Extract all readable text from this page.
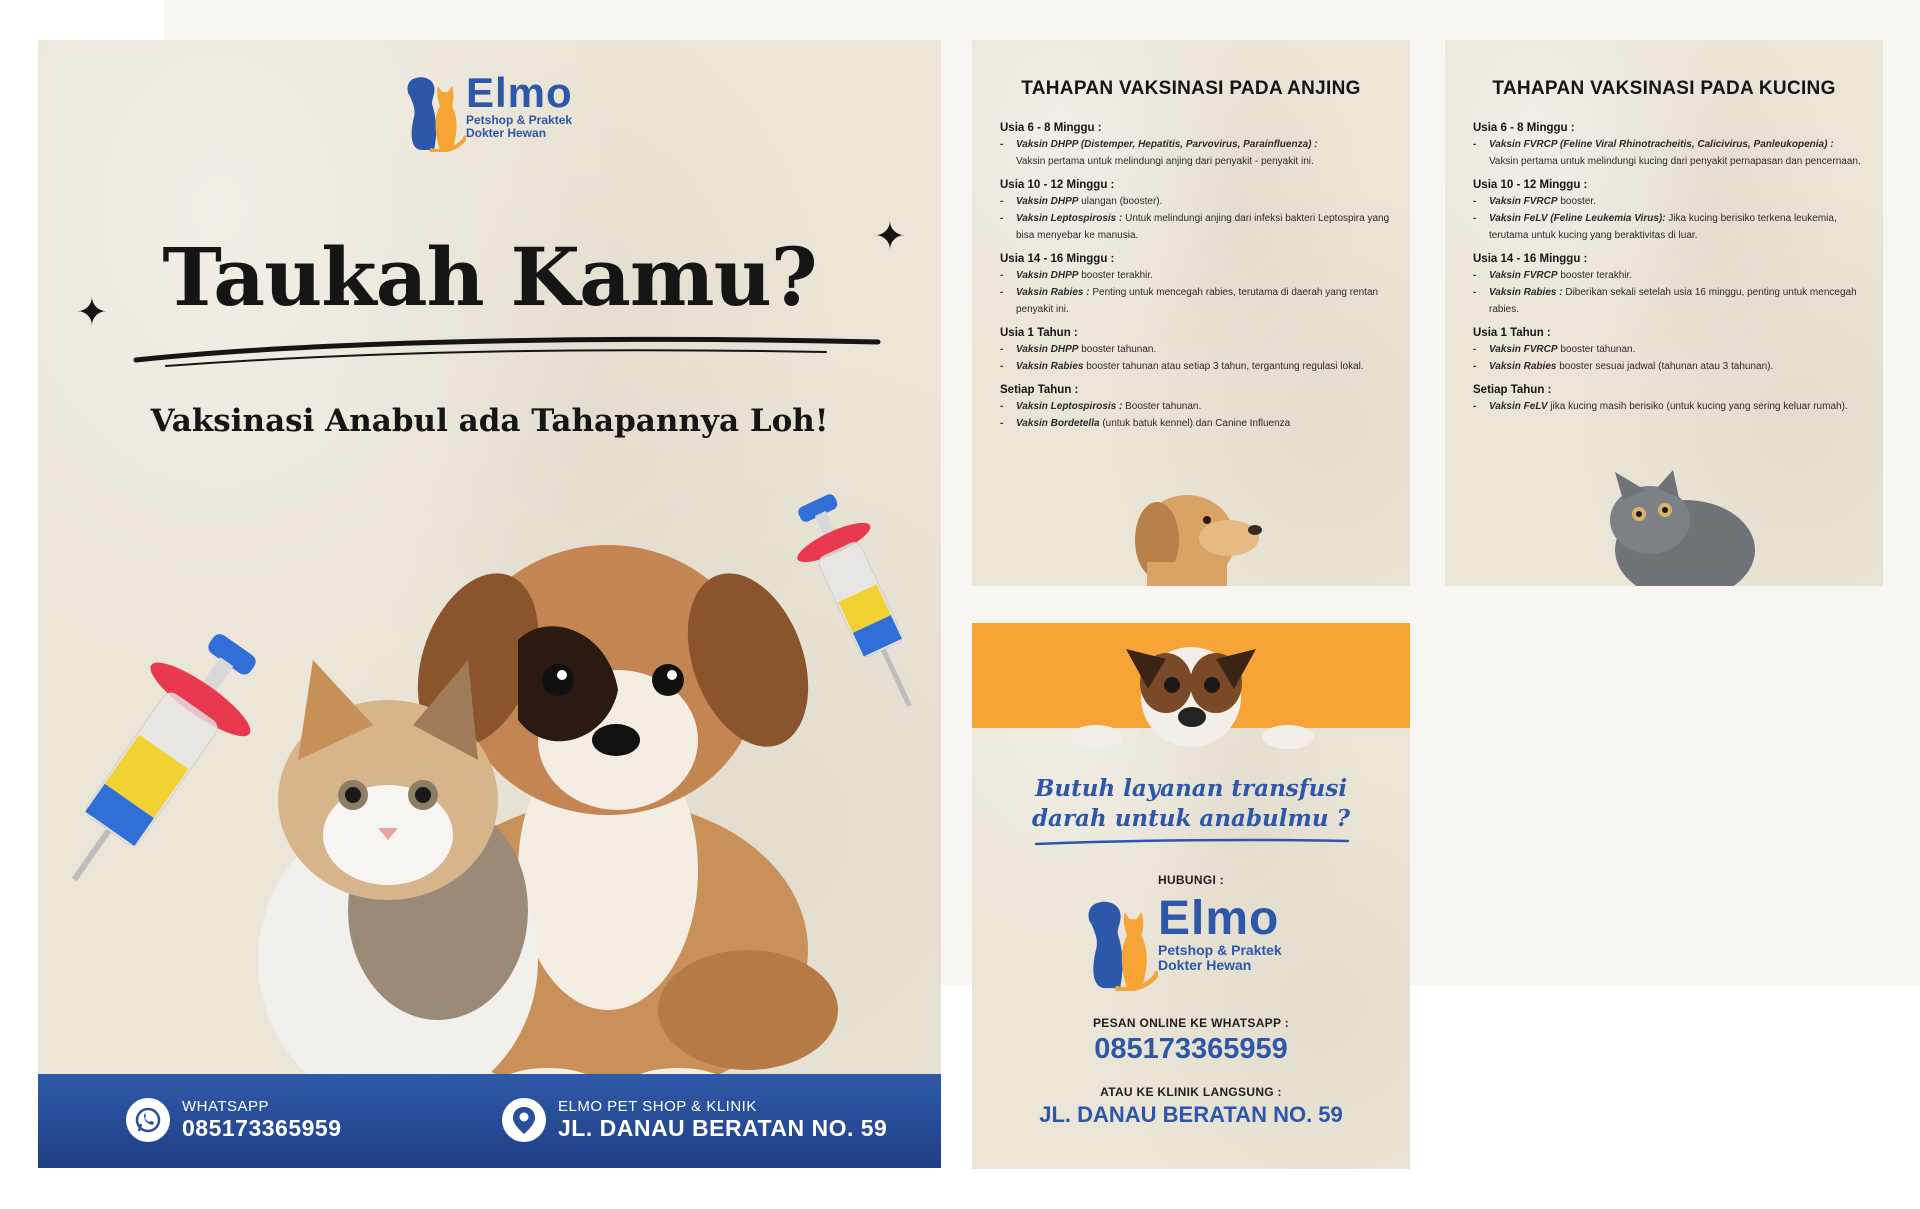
Elmo
Petshop & Praktek
Dokter Hewan
✦
✦ Taukah Kamu?
Vaksinasi Anabul ada Tahapannya Loh!
WHATSAPP
085173365959
ELMO PET SHOP & KLINIK
JL. DANAU BERATAN NO. 59
TAHAPAN VAKSINASI PADA ANJING
Usia 6 - 8 Minggu :
-	Vaksin DHPP (Distemper, Hepatitis, Parvovirus, Parainfluenza) :
Vaksin pertama untuk melindungi anjing dari penyakit - penyakit ini.
Usia 10 - 12 Minggu :
-	Vaksin DHPP ulangan (booster).
-	Vaksin Leptospirosis : Untuk melindungi anjing dari infeksi bakteri Leptospira yang bisa menyebar ke manusia.
Usia 14 - 16 Minggu :
-	Vaksin DHPP booster terakhir.
-	Vaksin Rabies : Penting untuk mencegah rabies, terutama di daerah yang rentan penyakit ini.
Usia 1 Tahun :
-	Vaksin DHPP booster tahunan.
-	Vaksin Rabies booster tahunan atau setiap 3 tahun, tergantung regulasi lokal.
Setiap Tahun :
-	Vaksin Leptospirosis : Booster tahunan.
-	Vaksin Bordetella (untuk batuk kennel) dan Canine Influenza
TAHAPAN VAKSINASI PADA KUCING
Usia 6 - 8 Minggu :
-	Vaksin FVRCP (Feline Viral Rhinotracheitis, Calicivirus, Panleukopenia) :
Vaksin pertama untuk melindungi kucing dari penyakit pernapasan dan pencernaan.
Usia 10 - 12 Minggu :
-	Vaksin FVRCP booster.
-	Vaksin FeLV (Feline Leukemia Virus): Jika kucing berisiko terkena leukemia, terutama untuk kucing yang beraktivitas di luar.
Usia 14 - 16 Minggu :
-	Vaksin FVRCP booster terakhir.
-	Vaksin Rabies : Diberikan sekali setelah usia 16 minggu, penting untuk mencegah rabies.
Usia 1 Tahun :
-	Vaksin FVRCP booster tahunan.
-	Vaksin Rabies booster sesuai jadwal (tahunan atau 3 tahunan).
Setiap Tahun :
-	Vaksin FeLV jika kucing masih berisiko (untuk kucing yang sering keluar rumah).
Butuh layanan transfusi
darah untuk anabulmu ?
HUBUNGI :
Elmo
Petshop & Praktek
Dokter Hewan
PESAN ONLINE KE WHATSAPP :
085173365959
ATAU KE KLINIK LANGSUNG :
JL. DANAU BERATAN NO. 59
